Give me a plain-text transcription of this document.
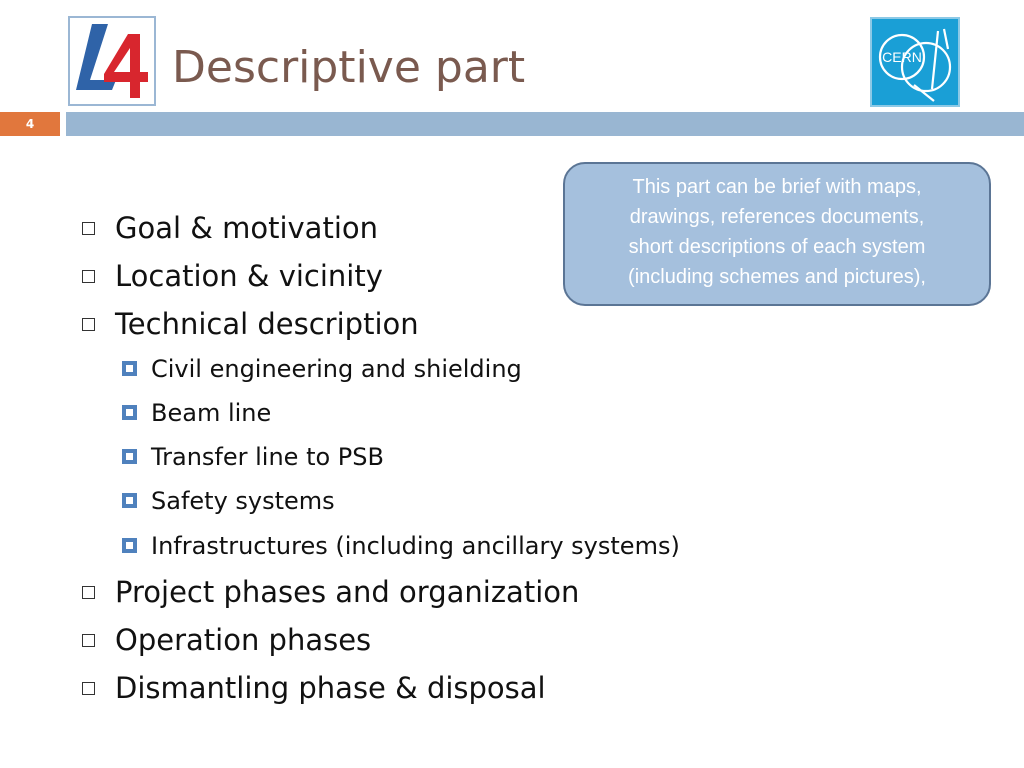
L4
Descriptive part	CERN
4

This part can be brief with maps,

drawings, references documents,

short descriptions of each system

(including schemes and pictures),

Goal & motivation
Location & vicinity
Technical description
Civil engineering and shielding
Beam line
Transfer line to PSB
Safety systems
Infrastructures (including ancillary systems)
Project phases and organization
Operation phases
Dismantling phase & disposal
